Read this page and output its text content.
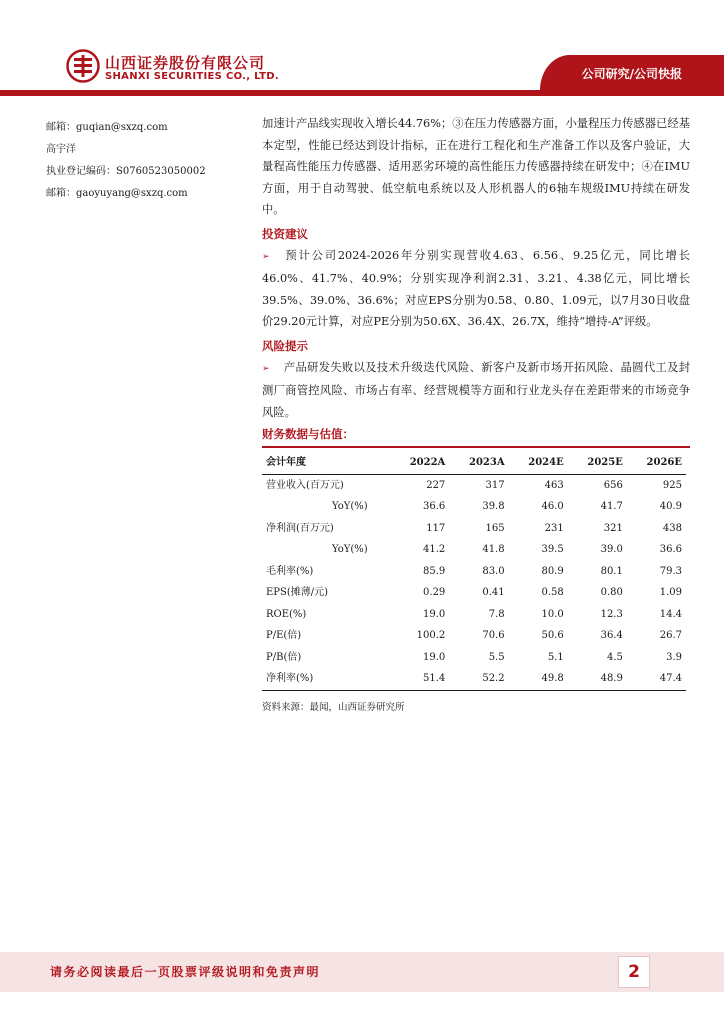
山西证券股份有限公司
SHANXI SECURITIES CO., LTD.	公司研究/公司快报
邮箱：guqian@sxzq.com
高宇洋
执业登记编码：S0760523050002
邮箱：gaoyuyang@sxzq.com

加速计产品线实现收入增长44.76%；③在压力传感器方面，小量程压力传感器已经基本定型，性能已经达到设计指标，正在进行工程化和生产准备工作以及客户验证，大量程高性能压力传感器、适用恶劣环境的高性能压力传感器持续在研发中；④在IMU方面，用于自动驾驶、低空航电系统以及人形机器人的6轴车规级IMU持续在研发中。

投资建议

➢ 预计公司2024-2026年分别实现营收4.63、6.56、9.25亿元，同比增长46.0%、41.7%、40.9%；分别实现净利润2.31、3.21、4.38亿元，同比增长39.5%、39.0%、36.6%；对应EPS分别为0.58、0.80、1.09元，以7月30日收盘价29.20元计算，对应PE分别为50.6X、36.4X、26.7X，维持“增持-A”评级。

风险提示

➢ 产品研发失败以及技术升级迭代风险、新客户及新市场开拓风险、晶圆代工及封测厂商管控风险、市场占有率、经营规模等方面和行业龙头存在差距带来的市场竞争风险。

财务数据与估值：
会计年度	2022A	2023A	2024E	2025E	2026E
营业收入(百万元)	227	317	463	656	925
YoY(%)	36.6	39.8	46.0	41.7	40.9
净利润(百万元)	117	165	231	321	438
YoY(%)	41.2	41.8	39.5	39.0	36.6
毛利率(%)	85.9	83.0	80.9	80.1	79.3
EPS(摊薄/元)	0.29	0.41	0.58	0.80	1.09
ROE(%)	19.0	7.8	10.0	12.3	14.4
P/E(倍)	100.2	70.6	50.6	36.4	26.7
P/B(倍)	19.0	5.5	5.1	4.5	3.9
净利率(%)	51.4	52.2	49.8	48.9	47.4
资料来源：最闻，山西证券研究所
请务必阅读最后一页股票评级说明和免责声明	2
